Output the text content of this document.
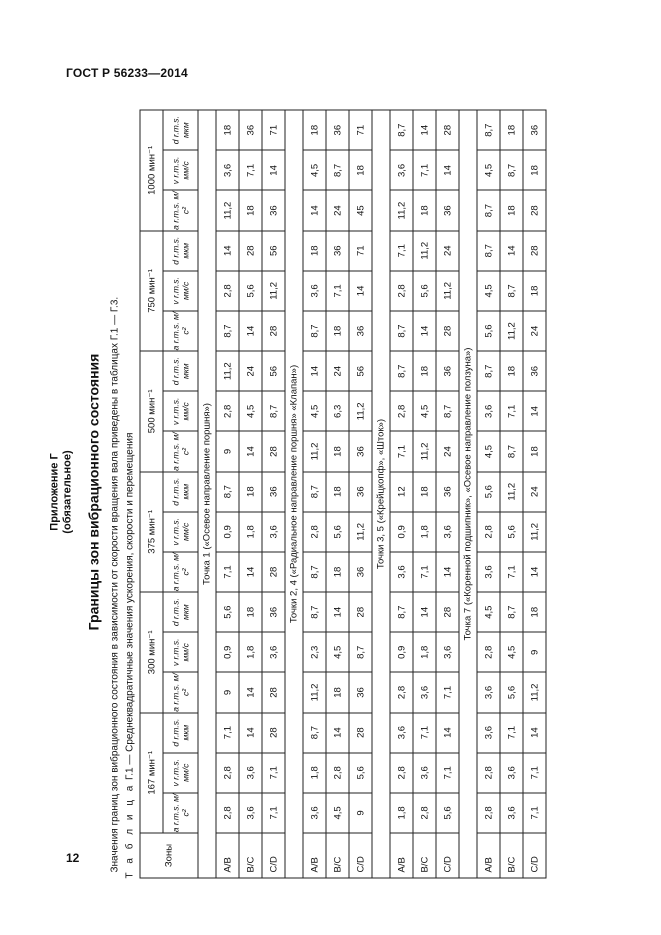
ГОСТ Р 56233—2014
Приложение Г (обязательное) Границы зон вибрационного состояния Значения границ зон вибрационного состояния в зависимости от скорости вращения вала приведены в таблицах Г.1 — Г.3. Т а б л и ц а Г.1 — Среднеквадратичные значения ускорения, скорости и перемещения
Зоны	167 мин⁻¹			300 мин⁻¹			375 мин⁻¹			500 мин⁻¹			750 мин⁻¹			1000 мин⁻¹		
	a r.m.s. м/с²	v r.m.s. мм/с	d r.m.s. мкм	a r.m.s. м/с²	v r.m.s. мм/с	d r.m.s. мкм	a r.m.s. м/с²	v r.m.s. мм/с	d r.m.s. мкм	a r.m.s. м/с²	v r.m.s. мм/с	d r.m.s. мкм	a r.m.s. м/с²	v r.m.s. мм/с	d r.m.s. мкм	a r.m.s. м/с²	v r.m.s. мм/с	d r.m.s. мкм
Точка 1 («Осевое направление поршня»)																		
A/B	2,8	2,8	7,1	9	0,9	5,6	7,1	0,9	8,7	9	2,8	11,2	8,7	2,8	14	11,2	3,6	18
B/C	3,6	3,6	14	14	1,8	18	14	1,8	18	14	4,5	24	14	5,6	28	18	7,1	36
C/D	7,1	7,1	28	28	3,6	36	28	3,6	36	28	8,7	56	28	11,2	56	36	14	71
Точки 2, 4 («Радиальное направление поршня» «Клапан»)																		
A/B	3,6	1,8	8,7	11,2	2,3	8,7	8,7	2,8	8,7	11,2	4,5	14	8,7	3,6	18	14	4,5	18
B/C	4,5	2,8	14	18	4,5	14	18	5,6	18	18	6,3	24	18	7,1	36	24	8,7	36
C/D	9	5,6	28	36	8,7	28	36	11,2	36	36	11,2	56	36	14	71	45	18	71
Точки 3, 5 («Крейцкопф», «Шток»)																		
A/B	1,8	2,8	3,6	2,8	0,9	8,7	3,6	0,9	12	7,1	2,8	8,7	8,7	2,8	7,1	11,2	3,6	8,7
B/C	2,8	3,6	7,1	3,6	1,8	14	7,1	1,8	18	11,2	4,5	18	14	5,6	11,2	18	7,1	14
C/D	5,6	7,1	14	7,1	3,6	28	14	3,6	36	24	8,7	36	28	11,2	24	36	14	28
Точка 7 («Коренной подшипник», «Осевое направление ползуна»)																		
A/B	2,8	2,8	3,6	3,6	2,8	4,5	3,6	2,8	5,6	4,5	3,6	8,7	5,6	4,5	8,7	8,7	4,5	8,7
B/C	3,6	3,6	7,1	5,6	4,5	8,7	7,1	5,6	11,2	8,7	7,1	18	11,2	8,7	14	18	8,7	18
C/D	7,1	7,1	14	11,2	9	18	14	11,2	24	18	14	36	24	18	28	28	18	36
12
